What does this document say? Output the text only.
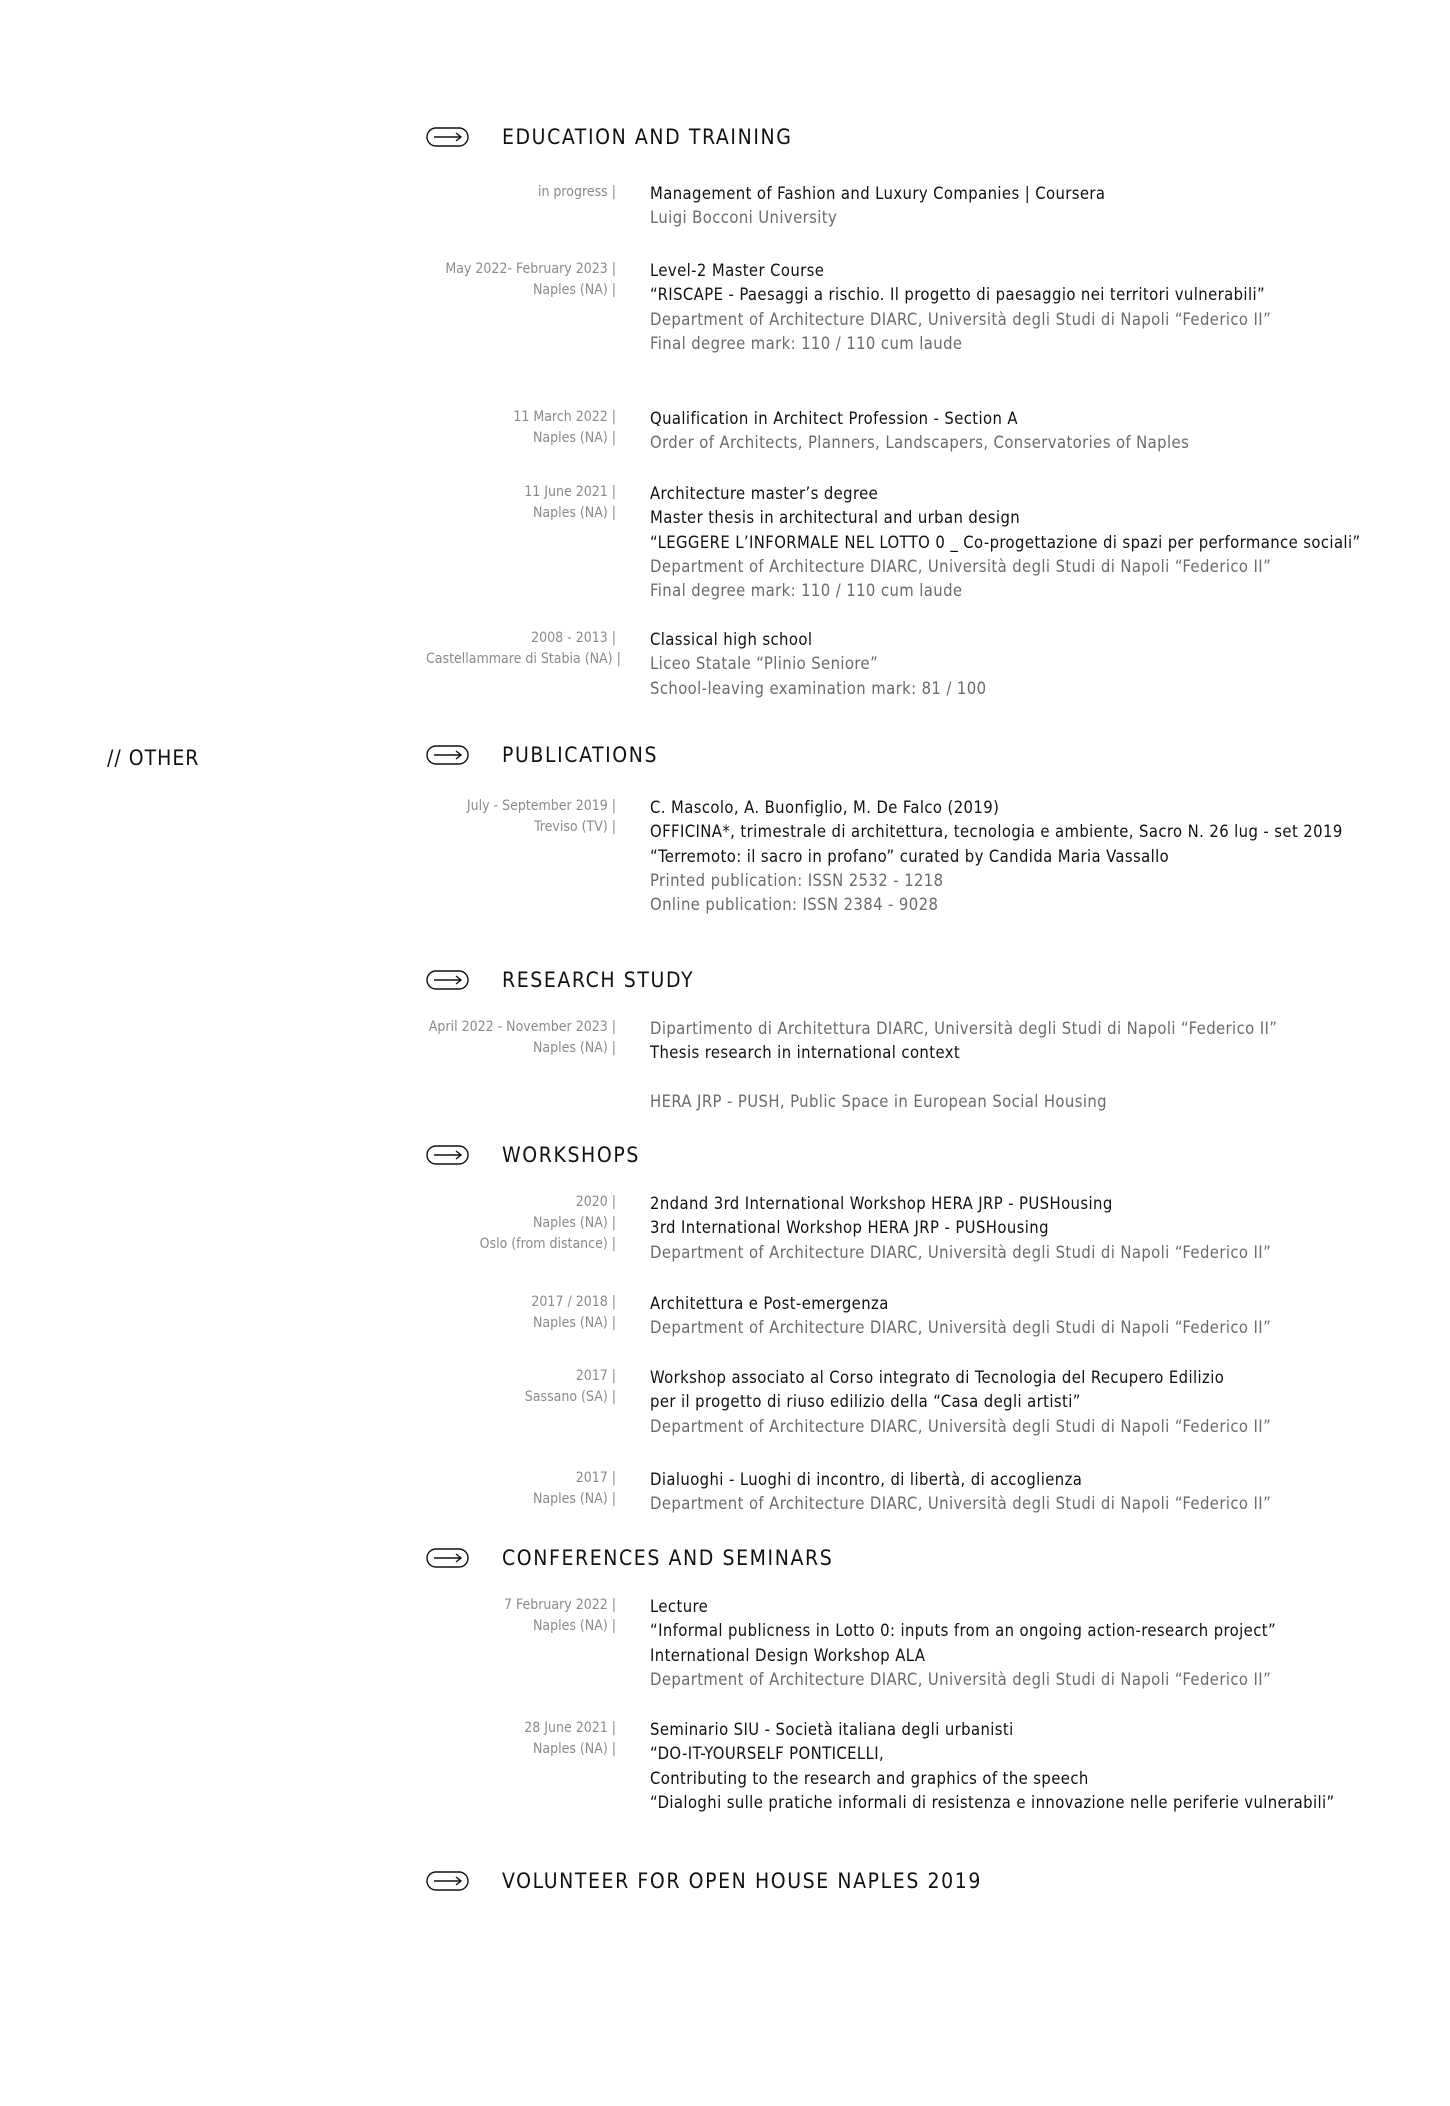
// OTHER
EDUCATION AND TRAINING
in progress | Management of Fashion and Luxury Companies | Coursera
Luigi Bocconi University
May 2022- February 2023 |
Naples (NA) |
Level-2 Master Course
“RISCAPE - Paesaggi a rischio. Il progetto di paesaggio nei territori vulnerabili”
Department of Architecture DIARC, Università degli Studi di Napoli “Federico II”
Final degree mark: 110 / 110 cum laude
11 March 2022 |
Naples (NA) |
Qualification in Architect Profession - Section A
Order of Architects, Planners, Landscapers, Conservatories of Naples
11 June 2021 |
Naples (NA) |
Architecture master’s degree
Master thesis in architectural and urban design
“LEGGERE L’INFORMALE NEL LOTTO 0 _ Co-progettazione di spazi per performance sociali”
Department of Architecture DIARC, Università degli Studi di Napoli “Federico II”
Final degree mark: 110 / 110 cum laude
2008 - 2013 |
Castellammare di Stabia (NA) |
Classical high school
Liceo Statale “Plinio Seniore”
School-leaving examination mark: 81 / 100
PUBLICATIONS
July - September 2019 |
Treviso (TV) |
C. Mascolo, A. Buonfiglio, M. De Falco (2019)
OFFICINA*, trimestrale di architettura, tecnologia e ambiente, Sacro N. 26 lug - set 2019
“Terremoto: il sacro in profano” curated by Candida Maria Vassallo
Printed publication: ISSN 2532 - 1218
Online publication: ISSN 2384 - 9028
RESEARCH STUDY
April 2022 - November 2023 |
Naples (NA) |
Dipartimento di Architettura DIARC, Università degli Studi di Napoli “Federico II”
Thesis research in international context

HERA JRP - PUSH, Public Space in European Social Housing
WORKSHOPS
2020 |
Naples (NA) |
Oslo (from distance) |
2ndand 3rd International Workshop HERA JRP - PUSHousing
3rd International Workshop HERA JRP - PUSHousing
Department of Architecture DIARC, Università degli Studi di Napoli “Federico II”
2017 / 2018 |
Naples (NA) |
Architettura e Post-emergenza
Department of Architecture DIARC, Università degli Studi di Napoli “Federico II”
2017 |
Sassano (SA) |
Workshop associato al Corso integrato di Tecnologia del Recupero Edilizio
per il progetto di riuso edilizio della “Casa degli artisti”
Department of Architecture DIARC, Università degli Studi di Napoli “Federico II”
2017 |
Naples (NA) |
Dialuoghi - Luoghi di incontro, di libertà, di accoglienza
Department of Architecture DIARC, Università degli Studi di Napoli “Federico II”
CONFERENCES AND SEMINARS
7 February 2022 |
Naples (NA) |
Lecture
“Informal publicness in Lotto 0: inputs from an ongoing action-research project”
International Design Workshop ALA
Department of Architecture DIARC, Università degli Studi di Napoli “Federico II”
28 June 2021 |
Naples (NA) |
Seminario SIU - Società italiana degli urbanisti
“DO-IT-YOURSELF PONTICELLI,
Contributing to the research and graphics of the speech
“Dialoghi sulle pratiche informali di resistenza e innovazione nelle periferie vulnerabili”
VOLUNTEER FOR OPEN HOUSE NAPLES 2019
